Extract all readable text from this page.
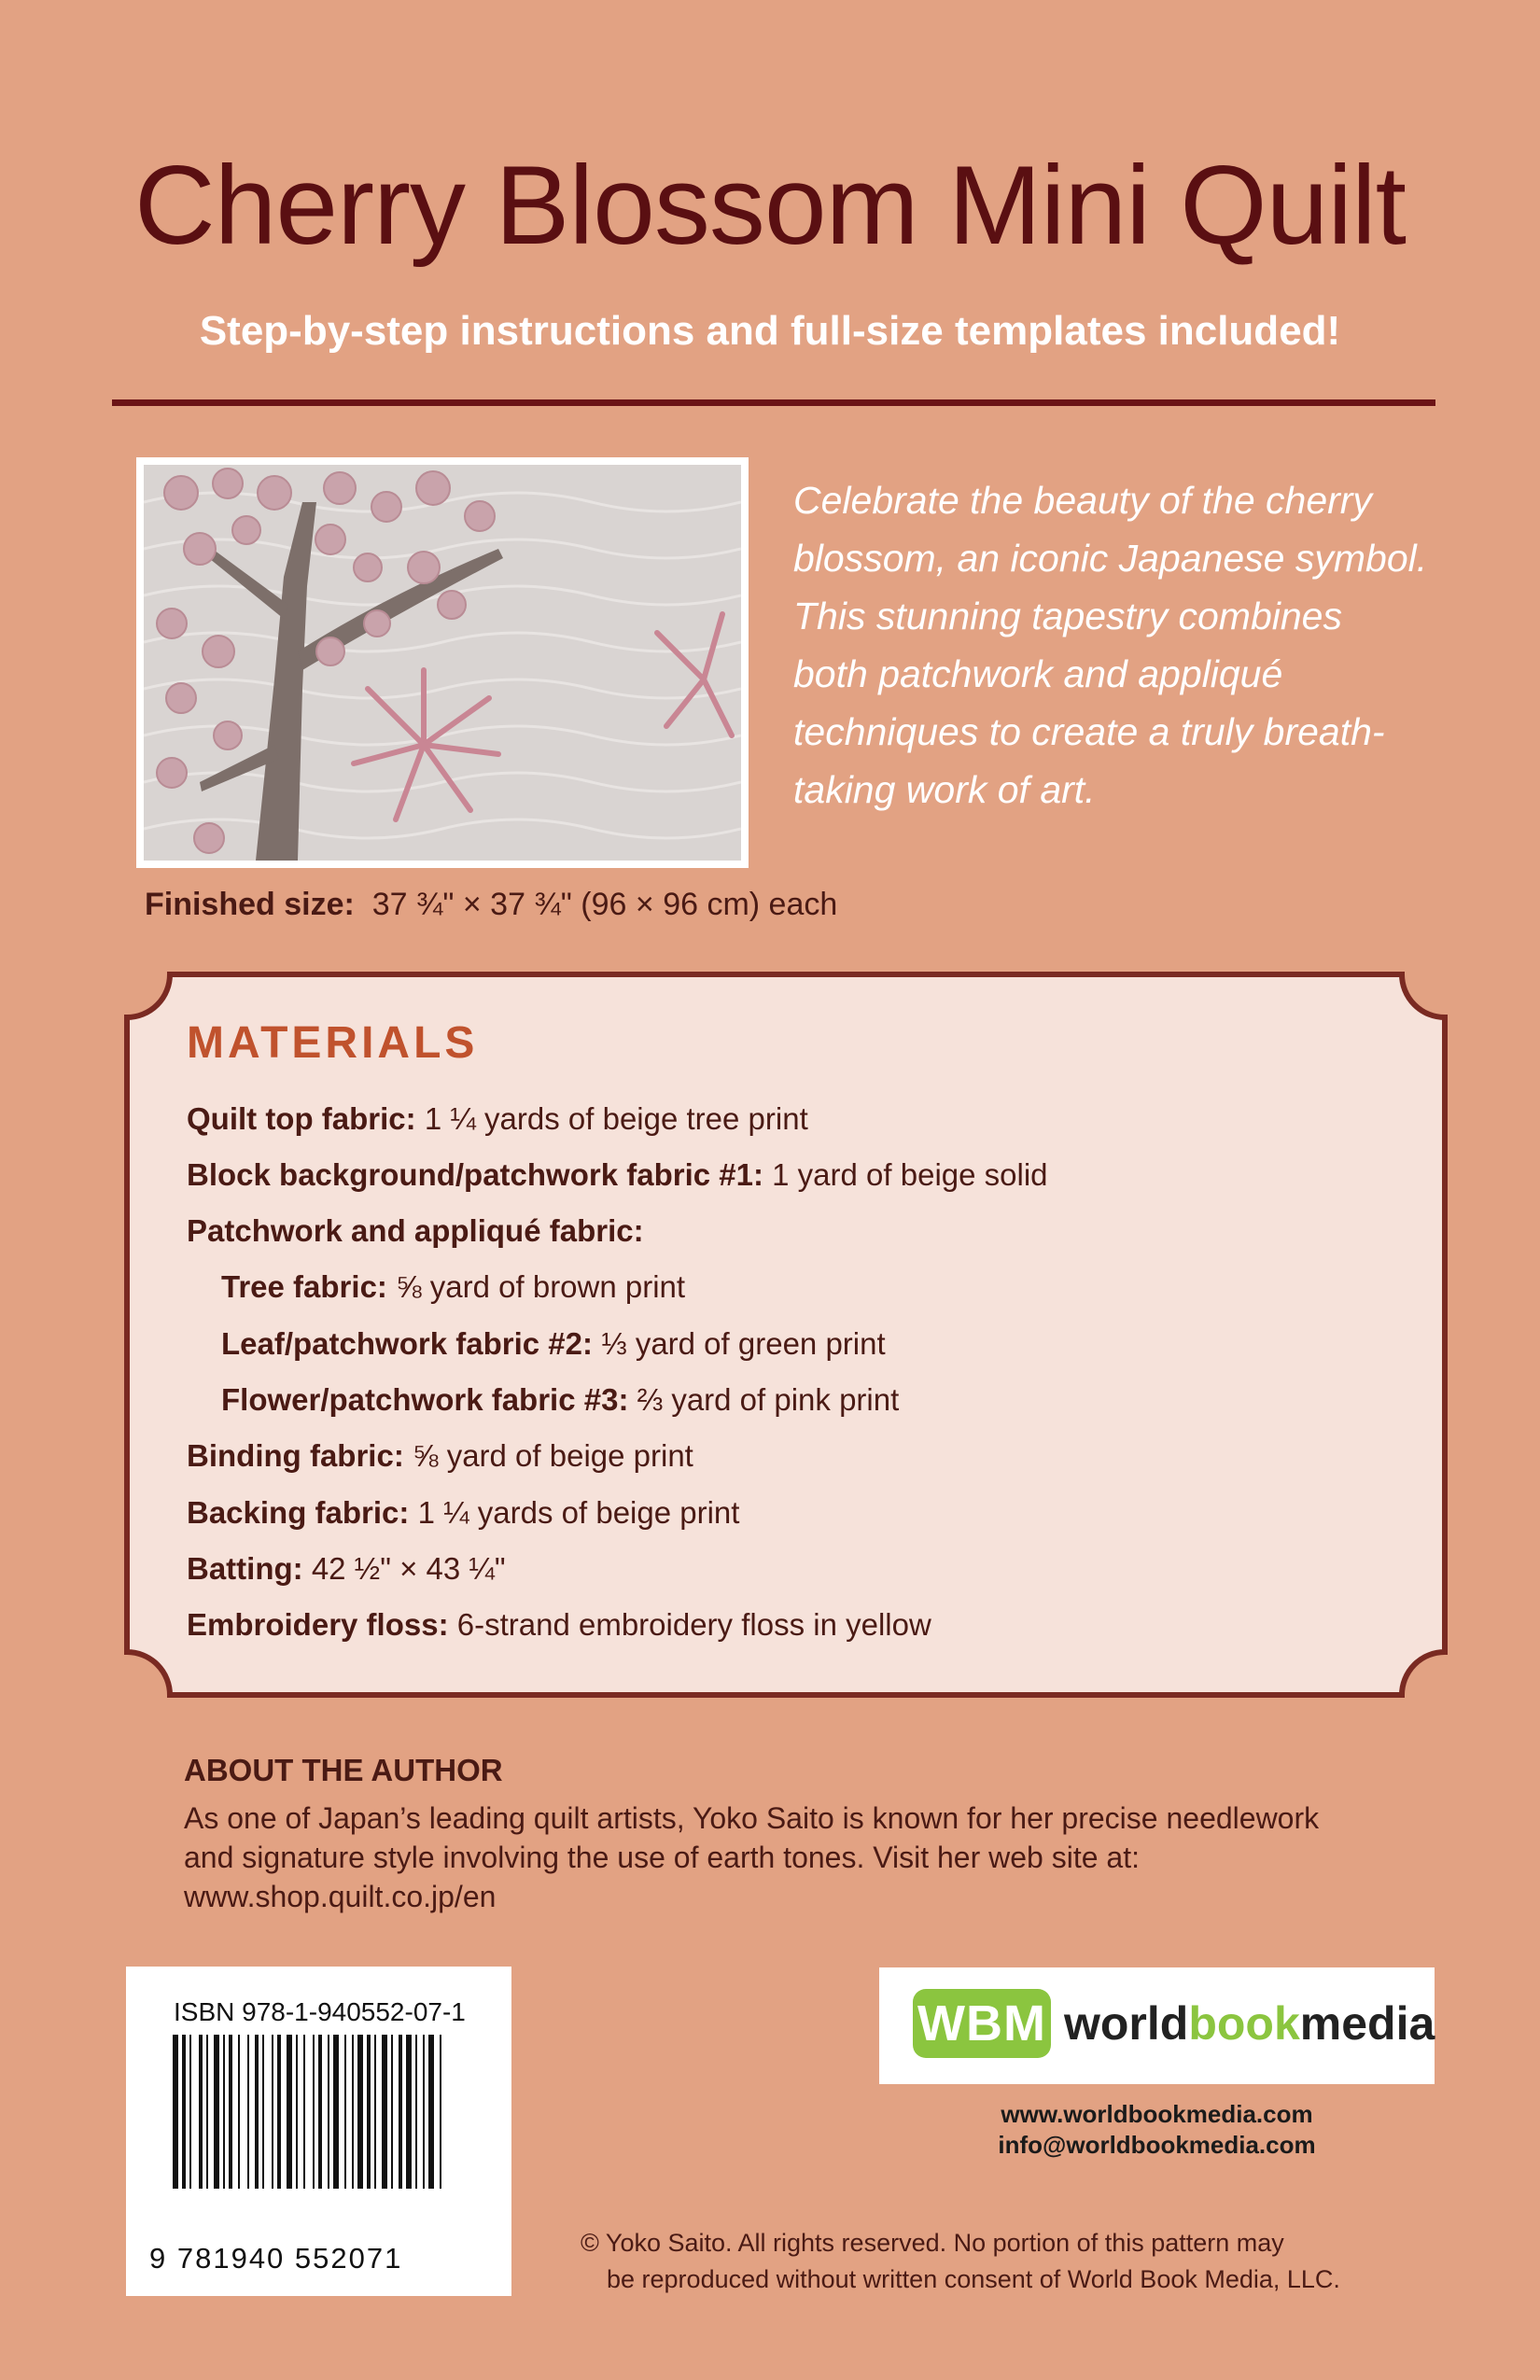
Cherry Blossom Mini Quilt
Step-by-step instructions and full-size templates included!
Celebrate the beauty of the cherry
blossom, an iconic Japanese symbol.
This stunning tapestry combines
both patchwork and appliqué
techniques to create a truly breath-
taking work of art.
Finished size: 37 ¾" × 37 ¾" (96 × 96 cm) each
MATERIALS
Quilt top fabric: 1 ¼ yards of beige tree print
Block background/patchwork fabric #1: 1 yard of beige solid
Patchwork and appliqué fabric:
Tree fabric: ⅝ yard of brown print
Leaf/patchwork fabric #2: ⅓ yard of green print
Flower/patchwork fabric #3: ⅔ yard of pink print
Binding fabric: ⅝ yard of beige print
Backing fabric: 1 ¼ yards of beige print
Batting: 42 ½" × 43 ¼"
Embroidery floss: 6-strand embroidery floss in yellow
ABOUT THE AUTHOR
As one of Japan’s leading quilt artists, Yoko Saito is known for her precise needlework
and signature style involving the use of earth tones. Visit her web site at:
www.shop.quilt.co.jp/en
ISBN 978-1-940552-07-1
9 781940 552071
WBM worldbookmedia
www.worldbookmedia.com
info@worldbookmedia.com
© Yoko Saito. All rights reserved. No portion of this pattern may
be reproduced without written consent of World Book Media, LLC.
